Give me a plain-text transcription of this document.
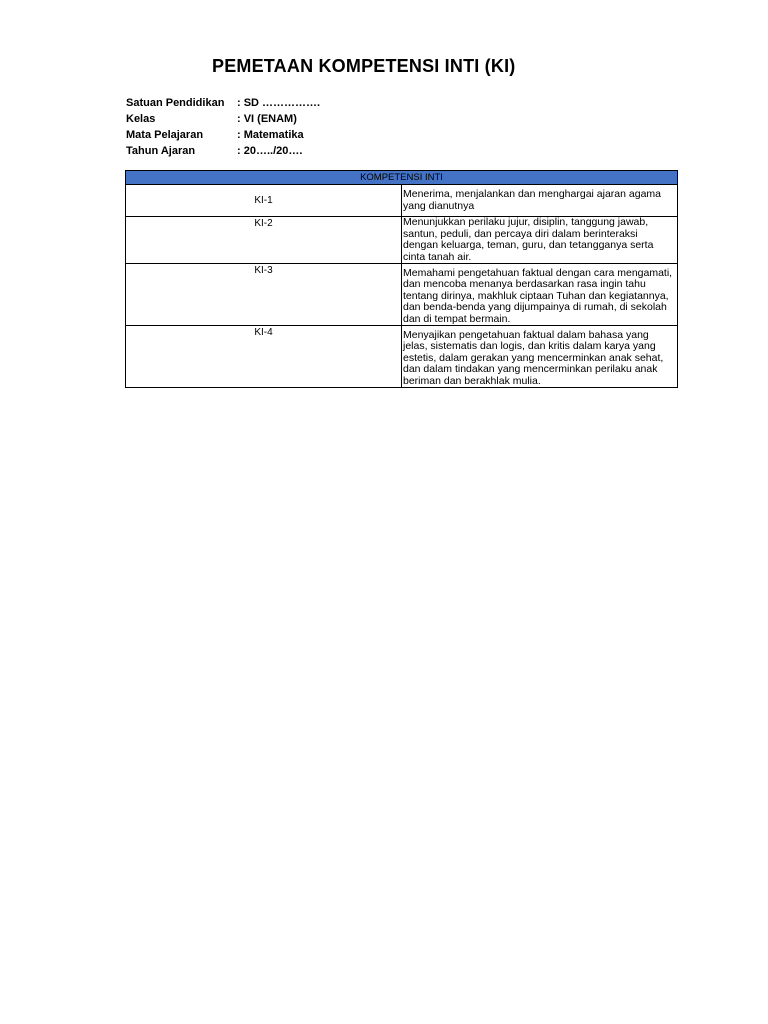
PEMETAAN KOMPETENSI INTI (KI)
Satuan Pendidikan	: SD …………….
Kelas	: VI (ENAM)
Mata Pelajaran	: Matematika
Tahun Ajaran	: 20…../20….
KOMPETENSI INTI	
KI-1	Menerima, menjalankan dan menghargai ajaran agama yang dianutnya
KI-2	Menunjukkan perilaku jujur, disiplin, tanggung jawab, santun, peduli, dan percaya diri dalam berinteraksi dengan keluarga, teman, guru, dan tetangganya serta cinta tanah air.
KI-3	Memahami pengetahuan faktual dengan cara mengamati, dan mencoba menanya berdasarkan rasa ingin tahu tentang dirinya, makhluk ciptaan Tuhan dan kegiatannya, dan benda-benda yang dijumpainya di rumah, di sekolah dan di tempat bermain.
KI-4	Menyajikan pengetahuan faktual dalam bahasa yang jelas, sistematis dan logis, dan kritis dalam karya yang estetis, dalam gerakan yang mencerminkan anak sehat, dan dalam tindakan yang mencerminkan perilaku anak beriman dan berakhlak mulia.
